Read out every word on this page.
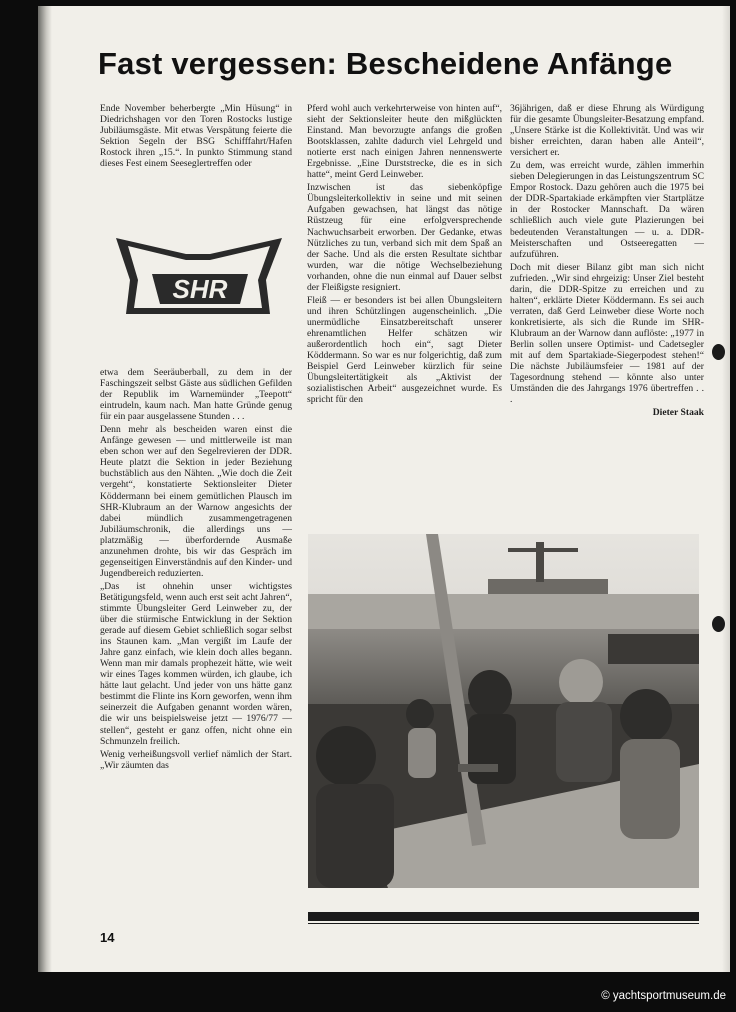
Fast vergessen: Bescheidene Anfänge

Ende November beherbergte „Min Hüsung“ in Diedrichshagen vor den Toren Rostocks lustige Jubiläumsgäste. Mit etwas Verspätung feierte die Sektion Segeln der BSG Schifffahrt/Hafen Rostock ihren „15.“. In punkto Stimmung stand dieses Fest einem Seeseglertreffen oder

SHR

etwa dem Seeräuberball, zu dem in der Faschingszeit selbst Gäste aus südlichen Gefilden der Republik im Warnemünder „Teepott“ eintrudeln, kaum nach. Man hatte Gründe genug für ein paar ausgelassene Stunden . . .

Denn mehr als bescheiden waren einst die Anfänge gewesen — und mittlerweile ist man eben schon wer auf den Segelrevieren der DDR. Heute platzt die Sektion in jeder Beziehung buchstäblich aus den Nähten. „Wie doch die Zeit vergeht“, konstatierte Sektionsleiter Dieter Köddermann bei einem gemütlichen Plausch im SHR-Klubraum an der Warnow angesichts der dabei mündlich zusammengetragenen Jubiläumschronik, die allerdings uns — platzmäßig — überfordernde Ausmaße anzunehmen drohte, bis wir das Gespräch im gegenseitigen Einverständnis auf den Kinder- und Jugendbereich reduzierten.

„Das ist ohnehin unser wichtigstes Betätigungsfeld, wenn auch erst seit acht Jahren“, stimmte Übungsleiter Gerd Leinweber zu, der über die stürmische Entwicklung in der Sektion gerade auf diesem Gebiet schließlich sogar selbst ins Staunen kam. „Man vergißt im Laufe der Jahre ganz einfach, wie klein doch alles begann. Wenn man mir damals prophezeit hätte, wie weit wir eines Tages kommen würden, ich glaube, ich hätte laut gelacht. Und jeder von uns hätte ganz bestimmt die Flinte ins Korn geworfen, wenn ihm seinerzeit die Aufgaben genannt worden wären, die wir uns beispielsweise jetzt — 1976/77 — stellen“, gesteht er ganz offen, nicht ohne ein Schmunzeln freilich.

Wenig verheißungsvoll verlief nämlich der Start. „Wir zäumten das

Pferd wohl auch verkehrterweise von hinten auf“, sieht der Sektionsleiter heute den mißglückten Einstand. Man bevorzugte anfangs die großen Bootsklassen, zahlte dadurch viel Lehrgeld und notierte erst nach einigen Jahren nennenswerte Ergebnisse. „Eine Durststrecke, die es in sich hatte“, meint Gerd Leinweber.

Inzwischen ist das siebenköpfige Übungsleiterkollektiv in seine und mit seinen Aufgaben gewachsen, hat längst das nötige Rüstzeug für eine erfolgversprechende Nachwuchsarbeit erworben. Der Gedanke, etwas Nützliches zu tun, verband sich mit dem Spaß an der Sache. Und als die ersten Resultate sichtbar wurden, war die nötige Wechselbeziehung vorhanden, ohne die nun einmal auf Dauer selbst der Fleißigste resigniert.

Fleiß — er besonders ist bei allen Übungsleitern und ihren Schützlingen augenscheinlich. „Die unermüdliche Einsatzbereitschaft unserer ehrenamtlichen Helfer schätzen wir außerordentlich hoch ein“, sagt Dieter Köddermann. So war es nur folgerichtig, daß zum Beispiel Gerd Leinweber kürzlich für seine Übungsleitertätigkeit als „Aktivist der sozialistischen Arbeit“ ausgezeichnet wurde. Es spricht für den

36jährigen, daß er diese Ehrung als Würdigung für die gesamte Übungsleiter-Besatzung empfand. „Unsere Stärke ist die Kollektivität. Und was wir bisher erreichten, daran haben alle Anteil“, versichert er.

Zu dem, was erreicht wurde, zählen immerhin sieben Delegierungen in das Leistungszentrum SC Empor Rostock. Dazu gehören auch die 1975 bei der DDR-Spartakiade erkämpften vier Startplätze in der Rostocker Mannschaft. Da wären schließlich auch viele gute Plazierungen bei bedeutenden Veranstaltungen — u. a. DDR-Meisterschaften und Ostseeregatten — aufzuführen.

Doch mit dieser Bilanz gibt man sich nicht zufrieden. „Wir sind ehrgeizig: Unser Ziel besteht darin, die DDR-Spitze zu erreichen und zu halten“, erklärte Dieter Köddermann. Es sei auch verraten, daß Gerd Leinweber diese Worte noch konkretisierte, als sich die Runde im SHR-Klubraum an der Warnow dann auflöste: „1977 in Berlin sollen unsere Optimist- und Cadetsegler mit auf dem Spartakiade-Siegerpodest stehen!“ Die nächste Jubiläumsfeier — 1981 auf der Tagesordnung stehend — könnte also unter Umständen die des Jahrgangs 1976 übertreffen . . .

Dieter Staak

14
© yachtsportmuseum.de
